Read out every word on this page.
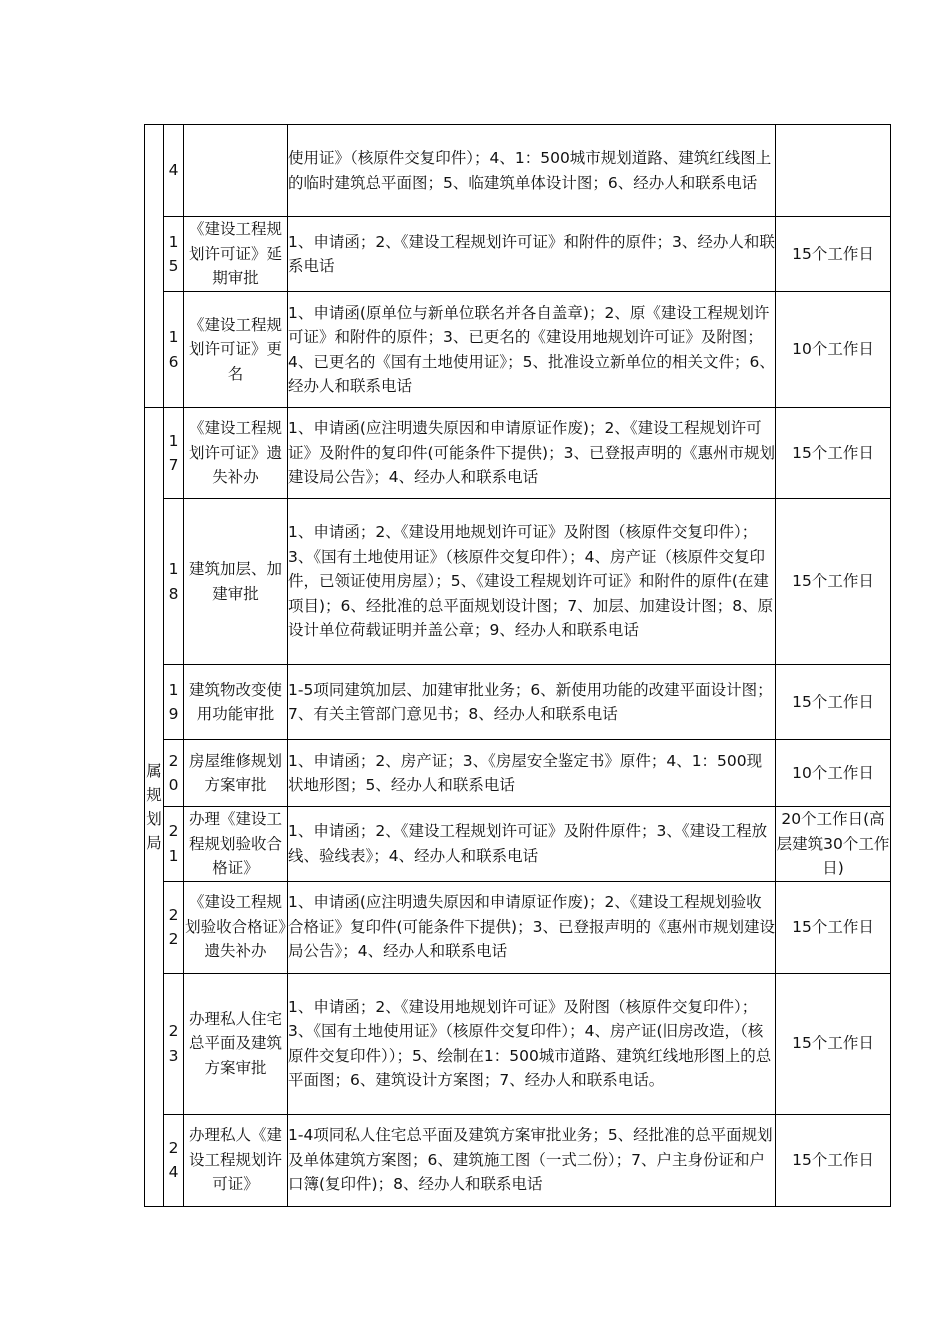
	4		使用证》（核原件交复印件）；4、1：500城市规划道路、建筑红线图上的临时建筑总平面图；5、临建筑单体设计图；6、经办人和联系电话	

	15	《建设工程规划许可证》延期审批	1、申请函；2、《建设工程规划许可证》和附件的原件；3、经办人和联系电话	15个工作日

	16	《建设工程规划许可证》更名	1、申请函(原单位与新单位联名并各自盖章)；2、原《建设工程规划许可证》和附件的原件；3、已更名的《建设用地规划许可证》及附图；4、已更名的《国有土地使用证》；5、批准设立新单位的相关文件；6、经办人和联系电话	10个工作日

属规划局	17	《建设工程规划许可证》遗失补办	1、申请函(应注明遗失原因和申请原证作废)；2、《建设工程规划许可证》及附件的复印件(可能条件下提供)；3、已登报声明的《惠州市规划建设局公告》；4、经办人和联系电话	15个工作日

	18	建筑加层、加建审批	1、申请函；2、《建设用地规划许可证》及附图（核原件交复印件）；3、《国有土地使用证》（核原件交复印件）；4、房产证（核原件交复印件，已领证使用房屋）；5、《建设工程规划许可证》和附件的原件(在建项目)；6、经批准的总平面规划设计图；7、加层、加建设计图；8、原设计单位荷载证明并盖公章；9、经办人和联系电话	15个工作日

	19	建筑物改变使用功能审批	1-5项同建筑加层、加建审批业务；6、新使用功能的改建平面设计图；7、有关主管部门意见书；8、经办人和联系电话	15个工作日

	20	房屋维修规划方案审批	1、申请函；2、房产证；3、《房屋安全鉴定书》原件；4、1：500现状地形图；5、经办人和联系电话	10个工作日

	21	办理《建设工程规划验收合格证》	1、申请函；2、《建设工程规划许可证》及附件原件；3、《建设工程放线、验线表》；4、经办人和联系电话	20个工作日(高层建筑30个工作日)

	22	《建设工程规划验收合格证》遗失补办	1、申请函(应注明遗失原因和申请原证作废)；2、《建设工程规划验收合格证》复印件(可能条件下提供)；3、已登报声明的《惠州市规划建设局公告》；4、经办人和联系电话	15个工作日

	23	办理私人住宅总平面及建筑方案审批	1、申请函；2、《建设用地规划许可证》及附图（核原件交复印件）；3、《国有土地使用证》（核原件交复印件）；4、房产证(旧房改造，（核原件交复印件））；5、绘制在1：500城市道路、建筑红线地形图上的总平面图；6、建筑设计方案图；7、经办人和联系电话。	15个工作日

	24	办理私人《建设工程规划许可证》	1-4项同私人住宅总平面及建筑方案审批业务；5、经批准的总平面规划及单体建筑方案图；6、建筑施工图（一式二份）；7、户主身份证和户口簿(复印件)；8、经办人和联系电话	15个工作日
